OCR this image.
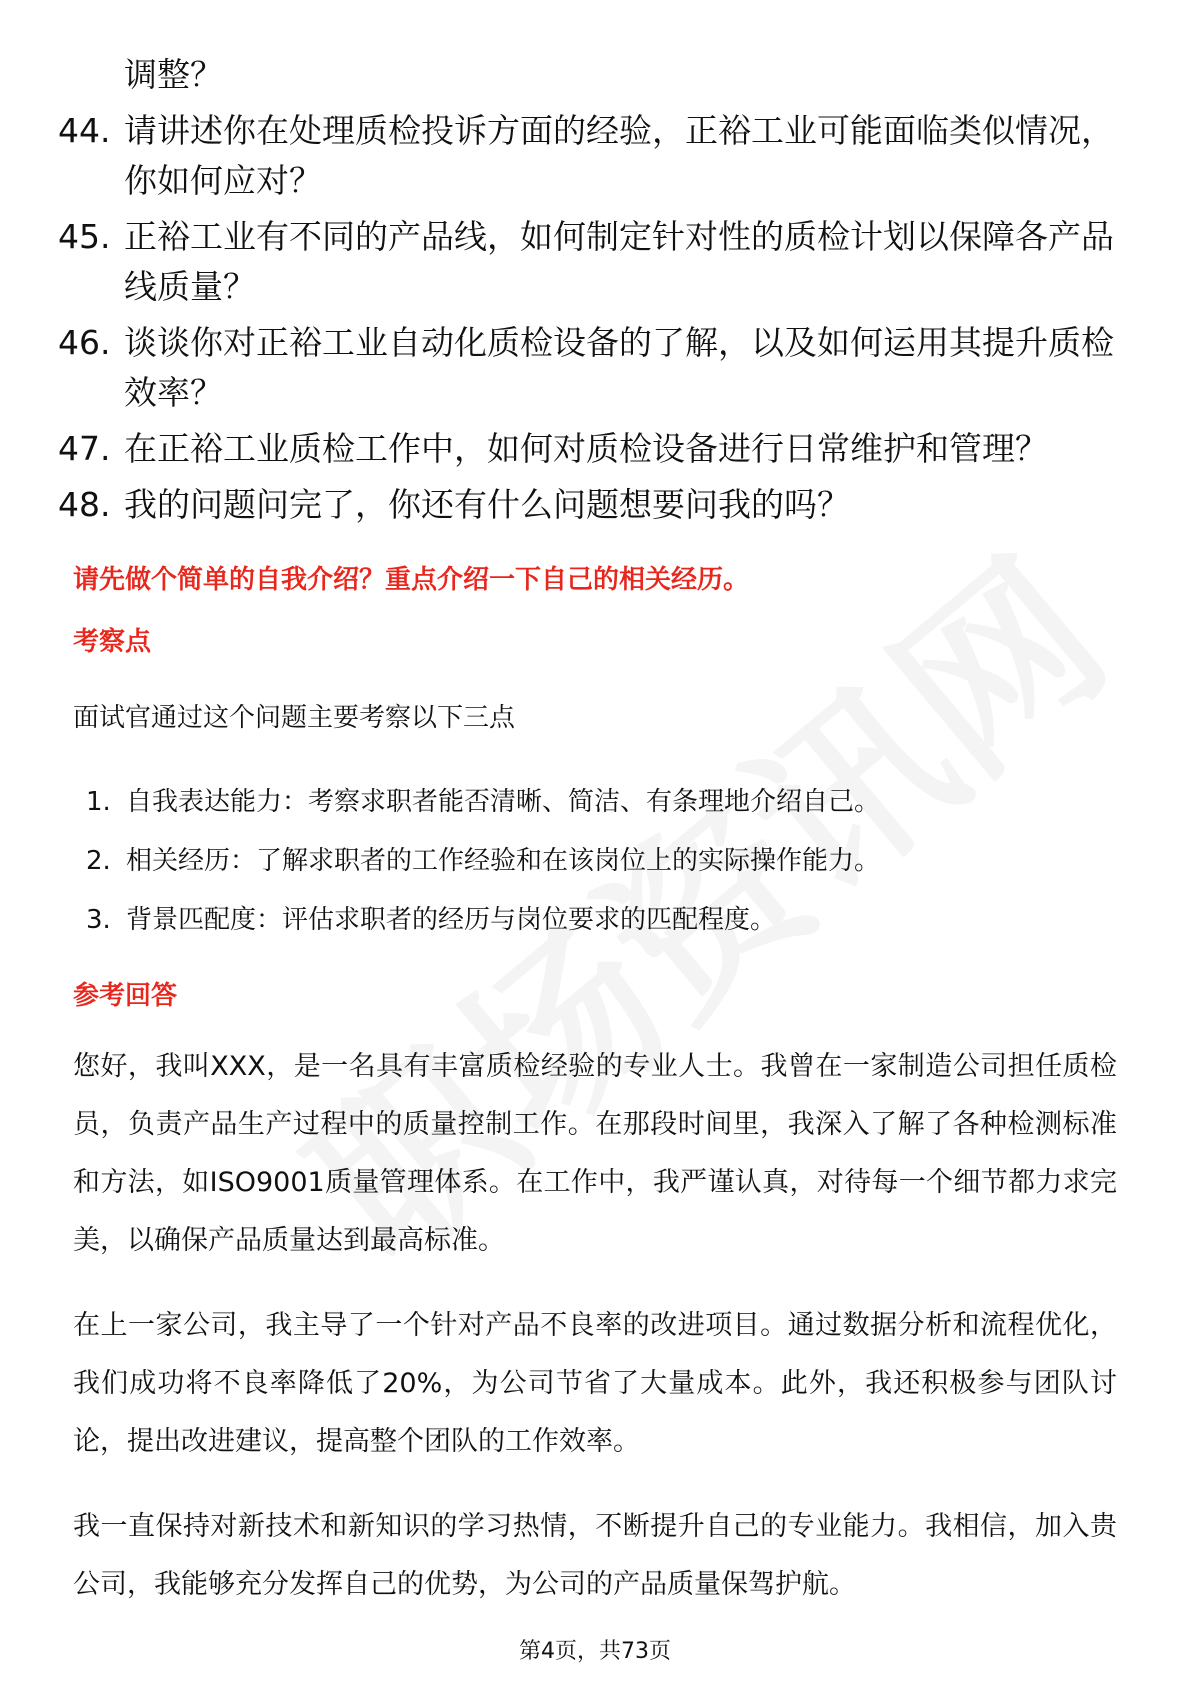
调整？
44. 请讲述你在处理质检投诉方面的经验，正裕工业可能面临类似情况，你如何应对？
45. 正裕工业有不同的产品线，如何制定针对性的质检计划以保障各产品线质量？
46. 谈谈你对正裕工业自动化质检设备的了解，以及如何运用其提升质检效率？
47. 在正裕工业质检工作中，如何对质检设备进行日常维护和管理？
48. 我的问题问完了，你还有什么问题想要问我的吗？
请先做个简单的自我介绍？重点介绍一下自己的相关经历。
考察点
面试官通过这个问题主要考察以下三点
1. 自我表达能力：考察求职者能否清晰、简洁、有条理地介绍自己。
2. 相关经历：了解求职者的工作经验和在该岗位上的实际操作能力。
3. 背景匹配度：评估求职者的经历与岗位要求的匹配程度。
参考回答
您好，我叫XXX，是一名具有丰富质检经验的专业人士。我曾在一家制造公司担任质检员，负责产品生产过程中的质量控制工作。在那段时间里，我深入了解了各种检测标准和方法，如ISO9001质量管理体系。在工作中，我严谨认真，对待每一个细节都力求完美，以确保产品质量达到最高标准。
在上一家公司，我主导了一个针对产品不良率的改进项目。通过数据分析和流程优化，我们成功将不良率降低了20%，为公司节省了大量成本。此外，我还积极参与团队讨论，提出改进建议，提高整个团队的工作效率。
我一直保持对新技术和新知识的学习热情，不断提升自己的专业能力。我相信，加入贵公司，我能够充分发挥自己的优势，为公司的产品质量保驾护航。
第4页，共73页
